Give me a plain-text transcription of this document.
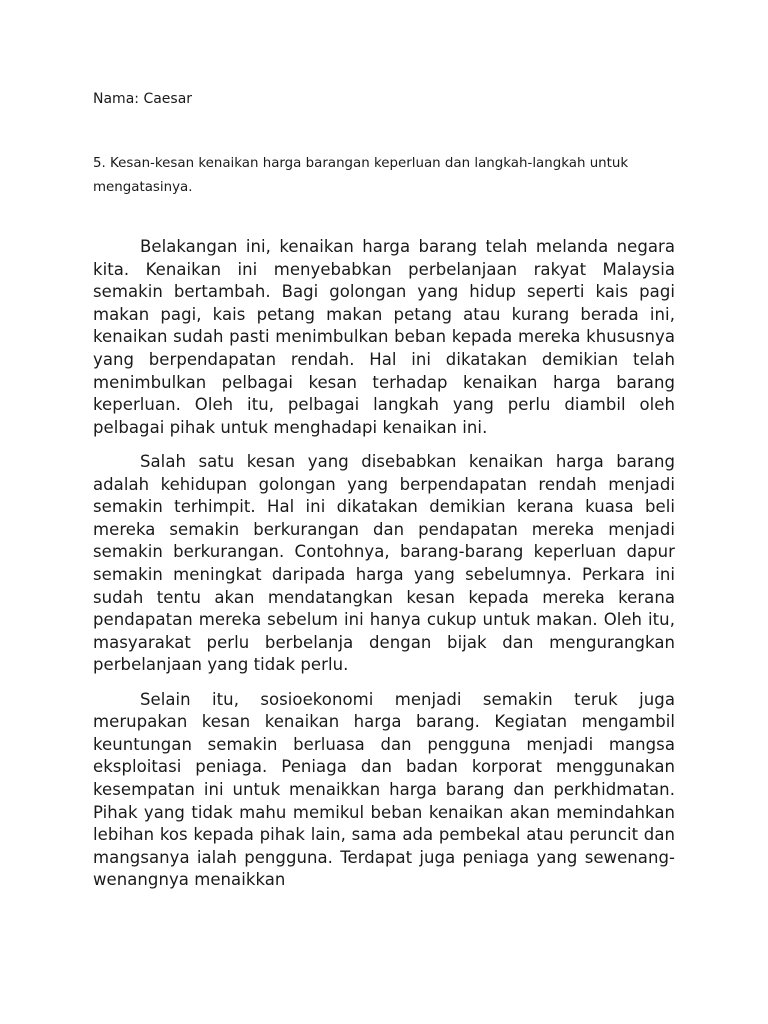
Nama: Caesar
5. Kesan-kesan kenaikan harga barangan keperluan dan langkah-langkah untuk mengatasinya.

Belakangan ini, kenaikan harga barang telah melanda negara kita. Kenaikan ini menyebabkan perbelanjaan rakyat Malaysia semakin bertambah. Bagi golongan yang hidup seperti kais pagi makan pagi, kais petang makan petang atau kurang berada ini, kenaikan sudah pasti menimbulkan beban kepada mereka khususnya yang berpendapatan rendah. Hal ini dikatakan demikian telah menimbulkan pelbagai kesan terhadap kenaikan harga barang keperluan. Oleh itu, pelbagai langkah yang perlu diambil oleh pelbagai pihak untuk menghadapi kenaikan ini.

Salah satu kesan yang disebabkan kenaikan harga barang adalah kehidupan golongan yang berpendapatan rendah menjadi semakin terhimpit. Hal ini dikatakan demikian kerana kuasa beli mereka semakin berkurangan dan pendapatan mereka menjadi semakin berkurangan. Contohnya, barang-barang keperluan dapur semakin meningkat daripada harga yang sebelumnya. Perkara ini sudah tentu akan mendatangkan kesan kepada mereka kerana pendapatan mereka sebelum ini hanya cukup untuk makan. Oleh itu, masyarakat perlu berbelanja dengan bijak dan mengurangkan perbelanjaan yang tidak perlu.

Selain itu, sosioekonomi menjadi semakin teruk juga merupakan kesan kenaikan harga barang. Kegiatan mengambil keuntungan semakin berluasa dan pengguna menjadi mangsa eksploitasi peniaga. Peniaga dan badan korporat menggunakan kesempatan ini untuk menaikkan harga barang dan perkhidmatan. Pihak yang tidak mahu memikul beban kenaikan akan memindahkan lebihan kos kepada pihak lain, sama ada pembekal atau peruncit dan mangsanya ialah pengguna. Terdapat juga peniaga yang sewenang-wenangnya menaikkan
